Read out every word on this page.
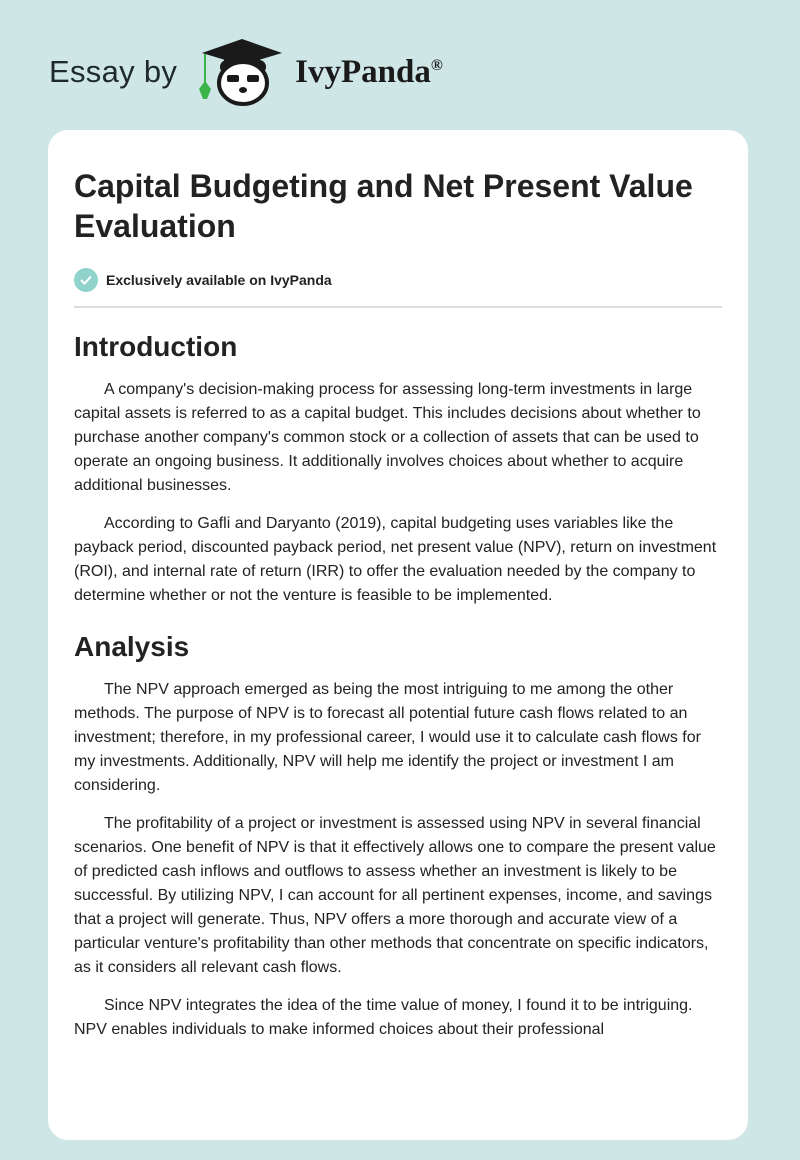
Essay by	IvyPanda®
Capital Budgeting and Net Present Value Evaluation
Exclusively available on IvyPanda
Introduction

A company's decision-making process for assessing long-term investments in large capital assets is referred to as a capital budget. This includes decisions about whether to purchase another company's common stock or a collection of assets that can be used to operate an ongoing business. It additionally involves choices about whether to acquire additional businesses.

According to Gafli and Daryanto (2019), capital budgeting uses variables like the payback period, discounted payback period, net present value (NPV), return on investment (ROI), and internal rate of return (IRR) to offer the evaluation needed by the company to determine whether or not the venture is feasible to be implemented.

Analysis

The NPV approach emerged as being the most intriguing to me among the other methods. The purpose of NPV is to forecast all potential future cash flows related to an investment; therefore, in my professional career, I would use it to calculate cash flows for my investments. Additionally, NPV will help me identify the project or investment I am considering.

The profitability of a project or investment is assessed using NPV in several financial scenarios. One benefit of NPV is that it effectively allows one to compare the present value of predicted cash inflows and outflows to assess whether an investment is likely to be successful. By utilizing NPV, I can account for all pertinent expenses, income, and savings that a project will generate. Thus, NPV offers a more thorough and accurate view of a particular venture's profitability than other methods that concentrate on specific indicators, as it considers all relevant cash flows.

Since NPV integrates the idea of the time value of money, I found it to be intriguing. NPV enables individuals to make informed choices about their professional
